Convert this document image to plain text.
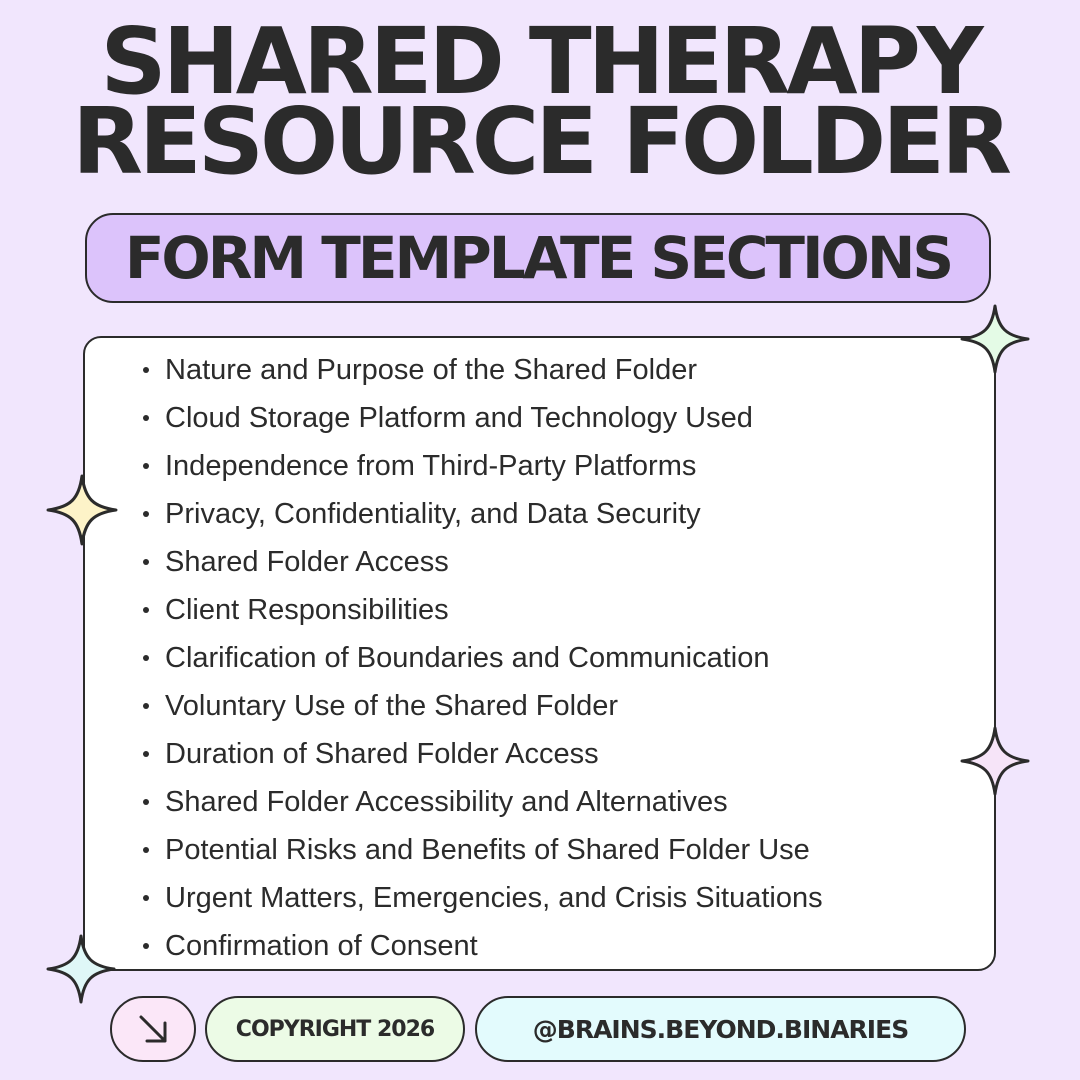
SHARED THERAPY
RESOURCE FOLDER
FORM TEMPLATE SECTIONS
Nature and Purpose of the Shared Folder
Cloud Storage Platform and Technology Used
Independence from Third-Party Platforms
Privacy, Confidentiality, and Data Security
Shared Folder Access
Client Responsibilities
Clarification of Boundaries and Communication
Voluntary Use of the Shared Folder
Duration of Shared Folder Access
Shared Folder Accessibility and Alternatives
Potential Risks and Benefits of Shared Folder Use
Urgent Matters, Emergencies, and Crisis Situations
Confirmation of Consent
COPYRIGHT 2026	@BRAINS.BEYOND.BINARIES
